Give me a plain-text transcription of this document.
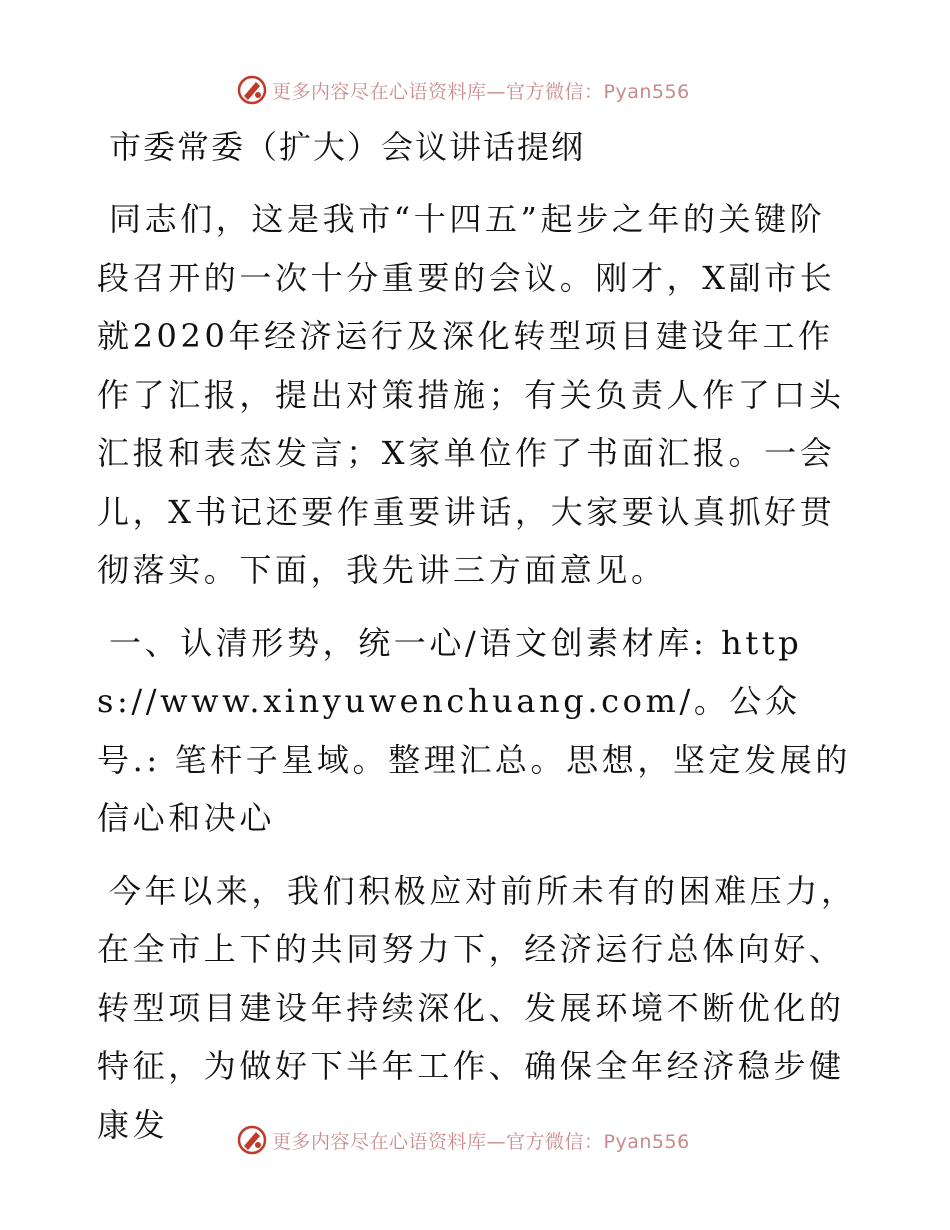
更多内容尽在心语资料库—官方微信：Pyan556
市委常委（扩大）会议讲话提纲

同志们，这是我市“十四五”起步之年的关键阶段召开的一次十分重要的会议。刚才，X副市长就2020年经济运行及深化转型项目建设年工作作了汇报，提出对策措施；有关负责人作了口头汇报和表态发言；X家单位作了书面汇报。一会儿，X书记还要作重要讲话，大家要认真抓好贯彻落实。下面，我先讲三方面意见。

一、认清形势，统一心/语文创素材库: https://www.xinyuwenchuang.com/。公众号.: 笔杆子星域。整理汇总。思想，坚定发展的信心和决心

今年以来，我们积极应对前所未有的困难压力，在全市上下的共同努力下，经济运行总体向好、转型项目建设年持续深化、发展环境不断优化的特征，为做好下半年工作、确保全年经济稳步健康发	更多内容尽在心语资料库—官方微信：Pyan556
